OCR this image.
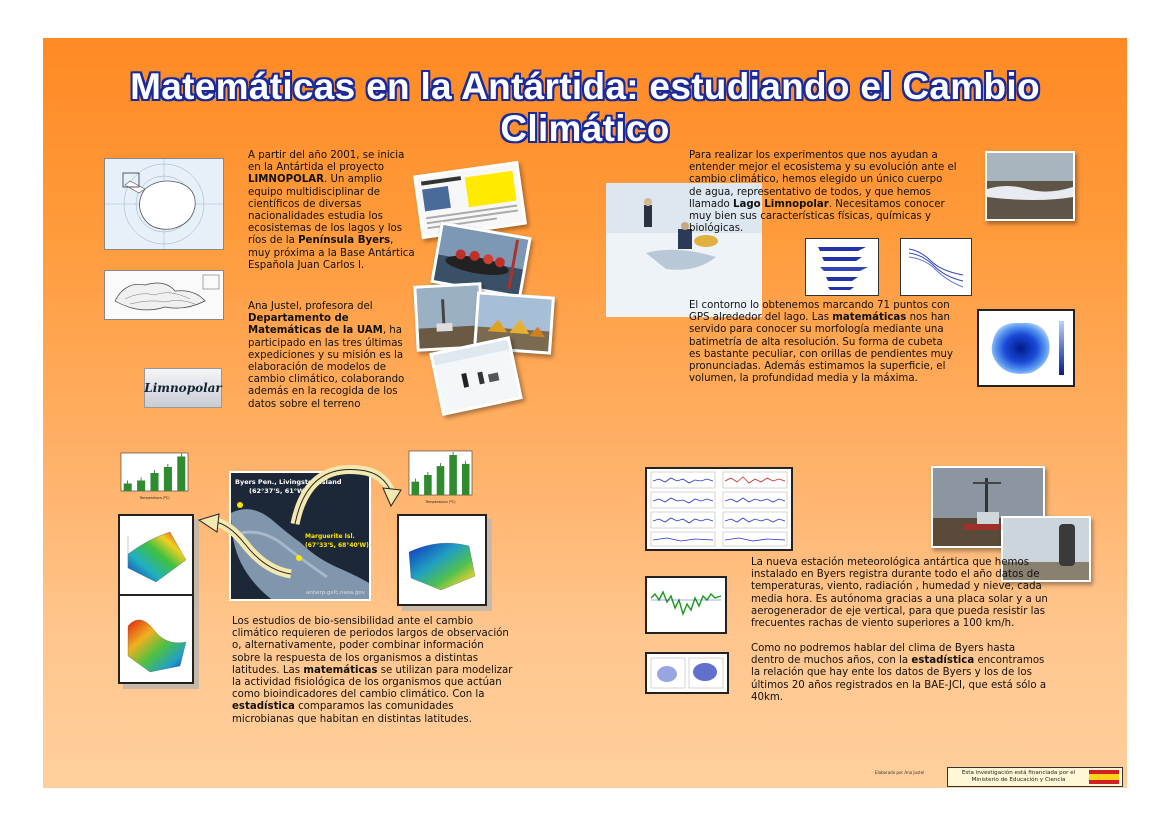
Matemáticas en la Antártida: estudiando el Cambio Climático
Limnopolar
A partir del año 2001, se inicia en la Antártida el proyecto LIMNOPOLAR. Un amplio equipo multidisciplinar de científicos de diversas nacionalidades estudia los ecosistemas de los lagos y los ríos de la Península Byers, muy próxima a la Base Antártica Española Juan Carlos I.
Ana Justel, profesora del Departamento de Matemáticas de la UAM, ha participado en las tres últimas expediciones y su misión es la elaboración de modelos de cambio climático, colaborando además en la recogida de los datos sobre el terreno
Para realizar los experimentos que nos ayudan a entender mejor el ecosistema y su evolución ante el cambio climático, hemos elegido un único cuerpo de agua, representativo de todos, y que hemos llamado Lago Limnopolar. Necesitamos conocer muy bien sus características físicas, químicas y biológicas.
El contorno lo obtenemos marcando 71 puntos con GPS alrededor del lago. Las matemáticas nos han servido para conocer su morfología mediante una batimetría de alta resolución. Su forma de cubeta es bastante peculiar, con orillas de pendientes muy pronunciadas. Además estimamos la superficie, el volumen, la profundidad media y la máxima.
Temperatura (ºC)
Temperatura (ºC)
Byers Pen., Livingston Island
(62°37'S, 61°W)
Marguerite Isl.
(67°33'S, 68°40'W)
antwrp.gsfc.nasa.gov
Los estudios de bio-sensibilidad ante el cambio climático requieren de periodos largos de observación o, alternativamente, poder combinar información sobre la respuesta de los organismos a distintas latitudes. Las matemáticas se utilizan para modelizar la actividad fisiológica de los organismos que actúan como bioindicadores del cambio climático. Con la estadística comparamos las comunidades microbianas que habitan en distintas latitudes.
La nueva estación meteorológica antártica que hemos instalado en Byers registra durante todo el año datos de temperaturas, viento, radiación , humedad y nieve, cada media hora. Es autónoma gracias a una placa solar y a un aerogenerador de eje vertical, para que pueda resistir las frecuentes rachas de viento superiores a 100 km/h.
Como no podremos hablar del clima de Byers hasta dentro de muchos años, con la estadística encontramos la relación que hay ente los datos de Byers y los de los últimos 20 años registrados en la BAE-JCI, que está sólo a 40km.
Elaborado por Ana Justel	Esta investigación está financiada por el
Ministerio de Educación y Ciencia
